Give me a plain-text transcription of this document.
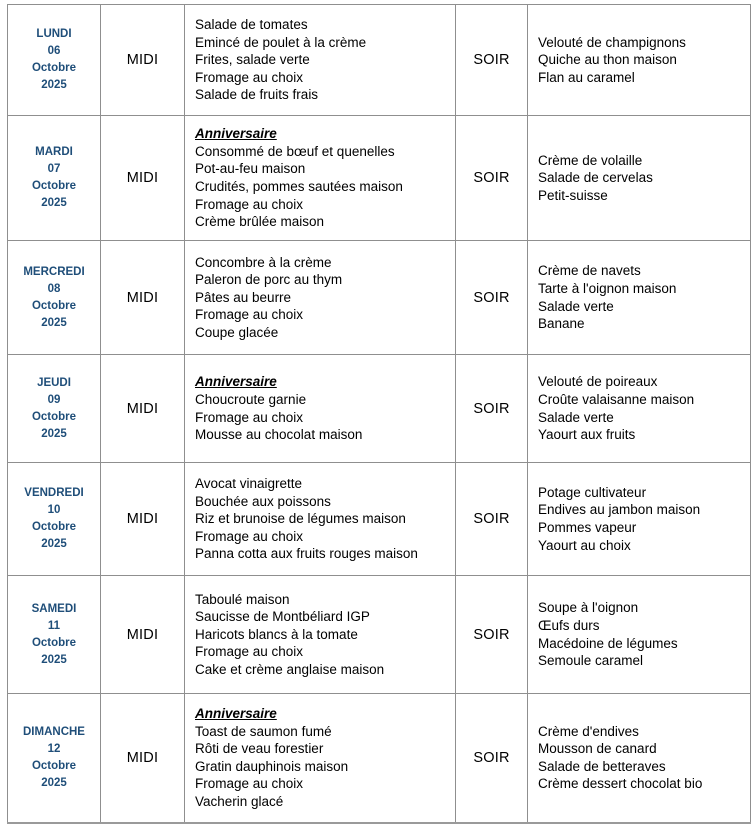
LUNDI
06
Octobre
2025
	MIDI	
Salade de tomates
Emincé de poulet à la crème
Frites, salade verte
Fromage au choix
Salade de fruits frais
	SOIR	
Velouté de champignons
Quiche au thon maison
Flan au caramel

MARDI
07
Octobre
2025
	MIDI	
Anniversaire
Consommé de bœuf et quenelles
Pot-au-feu maison
Crudités, pommes sautées maison
Fromage au choix
Crème brûlée maison
	SOIR	
Crème de volaille
Salade de cervelas
Petit-suisse

MERCREDI
08
Octobre
2025
	MIDI	
Concombre à la crème
Paleron de porc au thym
Pâtes au beurre
Fromage au choix
Coupe glacée
	SOIR	
Crème de navets
Tarte à l'oignon maison
Salade verte
Banane

JEUDI
09
Octobre
2025
	MIDI	
Anniversaire
Choucroute garnie
Fromage au choix
Mousse au chocolat maison
	SOIR	
Velouté de poireaux
Croûte valaisanne maison
Salade verte
Yaourt aux fruits

VENDREDI
10
Octobre
2025
	MIDI	
Avocat vinaigrette
Bouchée aux poissons
Riz et brunoise de légumes maison
Fromage au choix
Panna cotta aux fruits rouges maison
	SOIR	
Potage cultivateur
Endives au jambon maison
Pommes vapeur
Yaourt au choix

SAMEDI
11
Octobre
2025
	MIDI	
Taboulé maison
Saucisse de Montbéliard IGP
Haricots blancs à la tomate
Fromage au choix
Cake et crème anglaise maison
	SOIR	
Soupe à l'oignon
Œufs durs
Macédoine de légumes
Semoule caramel

DIMANCHE
12
Octobre
2025
	MIDI	
Anniversaire
Toast de saumon fumé
Rôti de veau forestier
Gratin dauphinois maison
Fromage au choix
Vacherin glacé
	SOIR	
Crème d'endives
Mousson de canard
Salade de betteraves
Crème dessert chocolat bio
